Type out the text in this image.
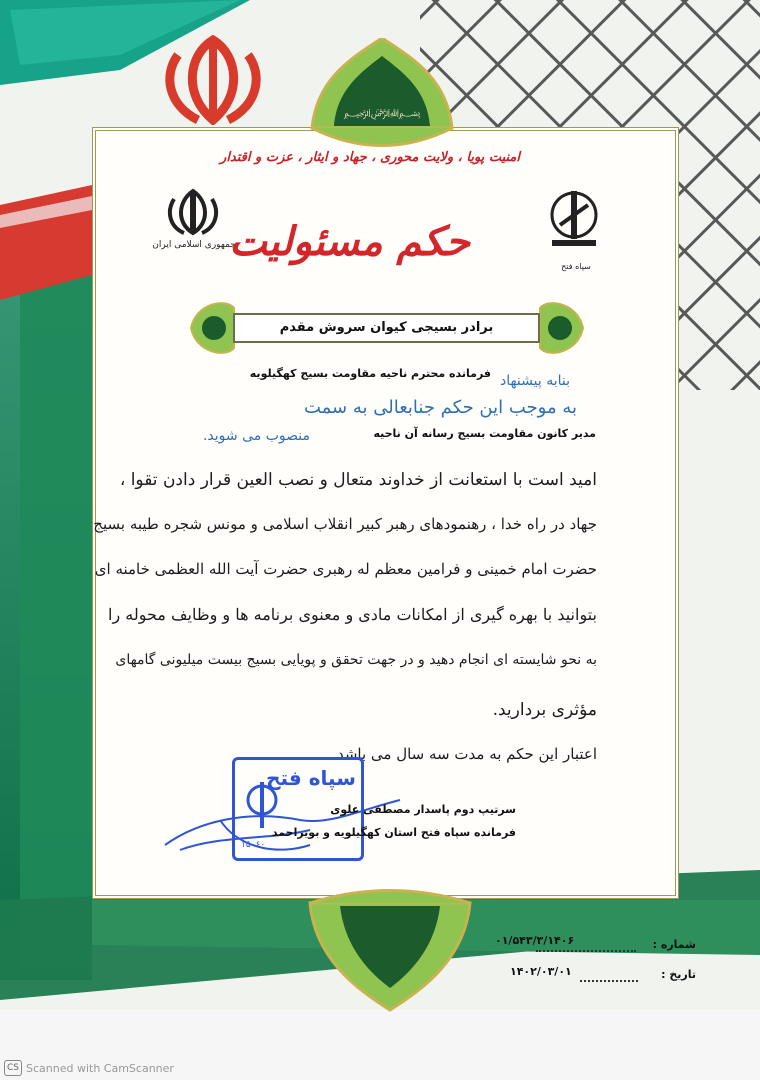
﷽
امنیت پویا ، ولایت محوری ، جهاد و ایثار ، عزت و اقتدار
سپاه فتح
جمهوری اسلامی ایران
حکم مسئولیت
برادر بسیجی کیوان سروش مقدم
فرمانده محترم ناحیه مقاومت بسیج کهگیلویه بنابه پیشنهاد
به موجب این حکم جنابعالی به سمت
مدیر کانون مقاومت بسیج رسانه آن ناحیه
منصوب می شوید.
امید است با استعانت از خداوند متعال و نصب العین قرار دادن تقوا ،
جهاد در راه خدا ، رهنمودهای رهبر کبیر انقلاب اسلامی و مونس شجره طیبه بسیج
حضرت امام خمینی و فرامین معظم له رهبری حضرت آیت الله العظمی خامنه ای
بتوانید با بهره گیری از امکانات مادی و معنوی برنامه ها و وظایف محوله را
به نحو شایسته ای انجام دهید و در جهت تحقق و پویایی بسیج بیست میلیونی گامهای
مؤثری بردارید.
اعتبار این حکم به مدت سه سال می باشد
سپاه فتح
۱۵۰۶۰
سرتیپ دوم پاسدار مصطفی علوی
فرمانده سپاه فتح استان کهگیلویه و بویراحمد
شماره :
۰۱/۵۴۳/۳/۱۴۰۶
تاریخ :
۱۴۰۲/۰۳/۰۱
CS Scanned with CamScanner
